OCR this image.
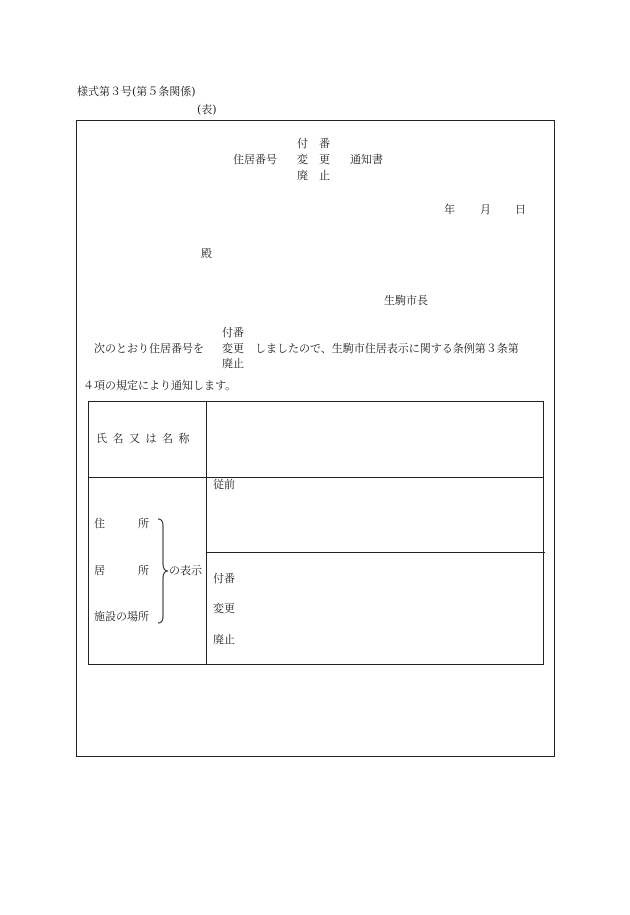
様式第３号(第５条関係)
(表)
住居番号
付　番
変　更
廃　止
通知書
年 月 日
殿
生駒市長
次のとおり住居番号を
付番
変更
廃止
しましたので、生駒市住居表示に関する条例第３条第
４項の規定により通知します。
氏 名 又 は 名 称
住　　　所
居　　　所
施設の場所
の表示
従前
付番
変更
廃止
